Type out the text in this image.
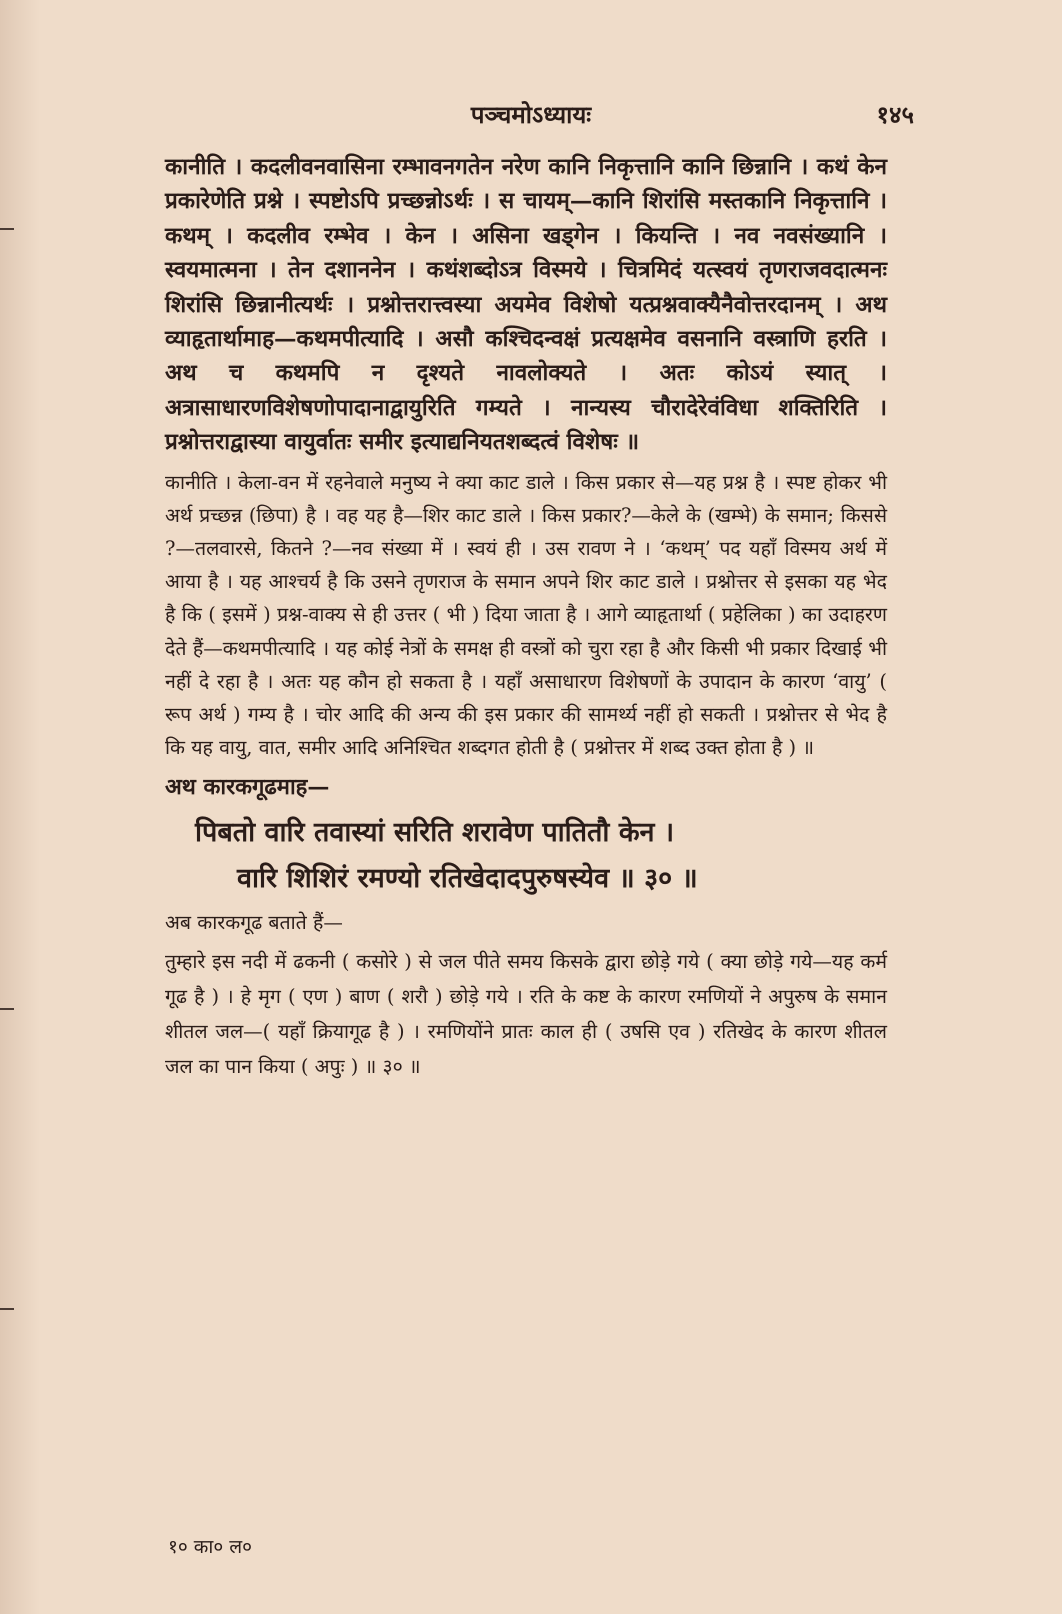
पञ्चमोऽध्यायः	१४५

कानीति । कदलीवनवासिना रम्भावनगतेन नरेण कानि निकृत्तानि कानि छिन्नानि । कथं केन प्रकारेणेति प्रश्ने । स्पष्टोऽपि प्रच्छन्नोऽर्थः । स चायम्—कानि शिरांसि मस्तकानि निकृत्तानि । कथम् । कदलीव रम्भेव । केन । असिना खड्गेन । कियन्ति । नव नवसंख्यानि । स्वयमात्मना । तेन दशाननेन । कथंशब्दोऽत्र विस्मये । चित्रमिदं यत्स्वयं तृणराजवदात्मनः शिरांसि छिन्नानीत्यर्थः । प्रश्नोत्तरात्त्वस्या अयमेव विशेषो यत्प्रश्नवाक्यैनैवोत्तरदानम् । अथ व्याहृतार्थामाह—कथमपीत्यादि । असौ कश्चिदन्वक्षं प्रत्यक्षमेव वसनानि वस्त्राणि हरति । अथ च कथमपि न दृश्यते नावलोक्यते । अतः कोऽयं स्यात् । अत्रासाधारणविशेषणोपादानाद्वायुरिति गम्यते । नान्यस्य चौरादेरेवंविधा शक्तिरिति । प्रश्नोत्तराद्वास्या वायुर्वातः समीर इत्याद्यनियतशब्दत्वं विशेषः ॥

कानीति । केला-वन में रहनेवाले मनुष्य ने क्या काट डाले । किस प्रकार से—यह प्रश्न है । स्पष्ट होकर भी अर्थ प्रच्छन्न (छिपा) है । वह यह है—शिर काट डाले । किस प्रकार?—केले के (खम्भे) के समान; किससे ?—तलवारसे, कितने ?—नव संख्या में । स्वयं ही । उस रावण ने । ‘कथम्’ पद यहाँ विस्मय अर्थ में आया है । यह आश्चर्य है कि उसने तृणराज के समान अपने शिर काट डाले । प्रश्नोत्तर से इसका यह भेद है कि ( इसमें ) प्रश्न-वाक्य से ही उत्तर ( भी ) दिया जाता है । आगे व्याहृतार्था ( प्रहेलिका ) का उदाहरण देते हैं—कथमपीत्यादि । यह कोई नेत्रों के समक्ष ही वस्त्रों को चुरा रहा है और किसी भी प्रकार दिखाई भी नहीं दे रहा है । अतः यह कौन हो सकता है । यहाँ असाधारण विशेषणों के उपादान के कारण ‘वायु’ ( रूप अर्थ ) गम्य है । चोर आदि की अन्य की इस प्रकार की सामर्थ्य नहीं हो सकती । प्रश्नोत्तर से भेद है कि यह वायु, वात, समीर आदि अनिश्चित शब्दगत होती है ( प्रश्नोत्तर में शब्द उक्त होता है ) ॥

अथ कारकगूढमाह—
पिबतो वारि तवास्यां सरिति शरावेण पातितौ केन ।
वारि शिशिरं रमण्यो रतिखेदादपुरुषस्येव ॥ ३० ॥
अब कारकगूढ बताते हैं—

तुम्हारे इस नदी में ढकनी ( कसोरे ) से जल पीते समय किसके द्वारा छोड़े गये ( क्या छोड़े गये—यह कर्म गूढ है ) । हे मृग ( एण ) बाण ( शरौ ) छोड़े गये । रति के कष्ट के कारण रमणियों ने अपुरुष के समान शीतल जल—( यहाँ क्रियागूढ है ) । रमणियोंने प्रातः काल ही ( उषसि एव ) रतिखेद के कारण शीतल जल का पान किया ( अपुः ) ॥ ३० ॥

१० का० ल०
